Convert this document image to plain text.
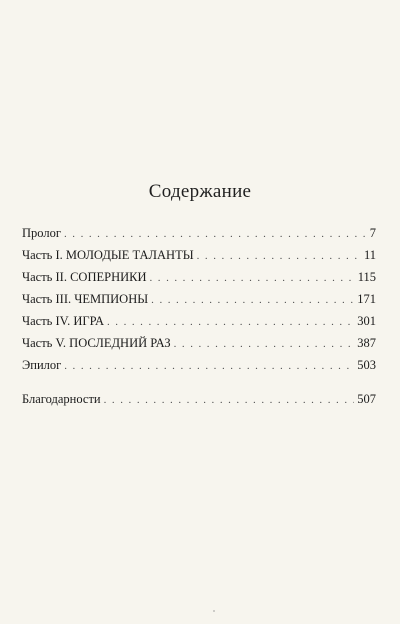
Содержание
Пролог . . .	7
Часть I. МОЛОДЫЕ ТАЛАНТЫ . . .	11
Часть II. СОПЕРНИКИ . . .	115
Часть III. ЧЕМПИОНЫ . . .	171
Часть IV. ИГРА . . .	301
Часть V. ПОСЛЕДНИЙ РАЗ . . .	387
Эпилог . . .	503
Благодарности . . .	507
